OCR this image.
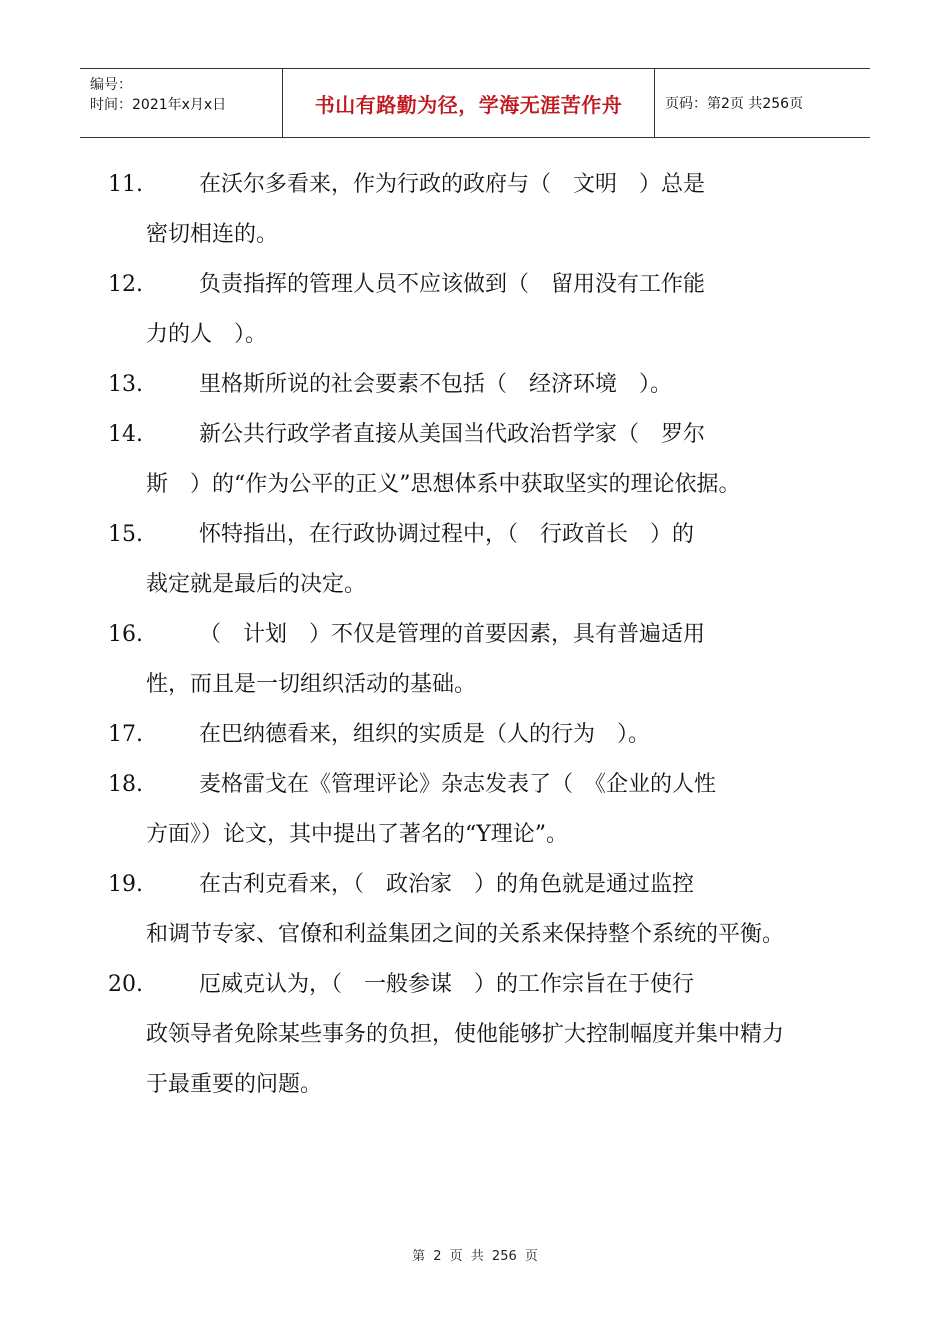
编号：
时间：2021年x月x日	书山有路勤为径，学海无涯苦作舟	页码：第2页 共256页
11.	在沃尔多看来，作为行政的政府与（　文明　）总是
密切相连的。
12.	负责指挥的管理人员不应该做到（　留用没有工作能
力的人　）。
13.	里格斯所说的社会要素不包括（　经济环境　）。
14.	新公共行政学者直接从美国当代政治哲学家（　罗尔
斯　）的“作为公平的正义”思想体系中获取坚实的理论依据。
15.	怀特指出，在行政协调过程中，（　行政首长　）的
裁定就是最后的决定。
16.	（　计划　）不仅是管理的首要因素，具有普遍适用
性，而且是一切组织活动的基础。
17.	在巴纳德看来，组织的实质是（人的行为　）。
18.	麦格雷戈在《管理评论》杂志发表了（　《企业的人性
方面》）论文，其中提出了著名的“Y理论”。
19.	在古利克看来，（　政治家　）的角色就是通过监控
和调节专家、官僚和利益集团之间的关系来保持整个系统的平衡。
20.	厄威克认为，（　一般参谋　）的工作宗旨在于使行
政领导者免除某些事务的负担，使他能够扩大控制幅度并集中精力于最重要的问题。
第 2 页 共 256 页
